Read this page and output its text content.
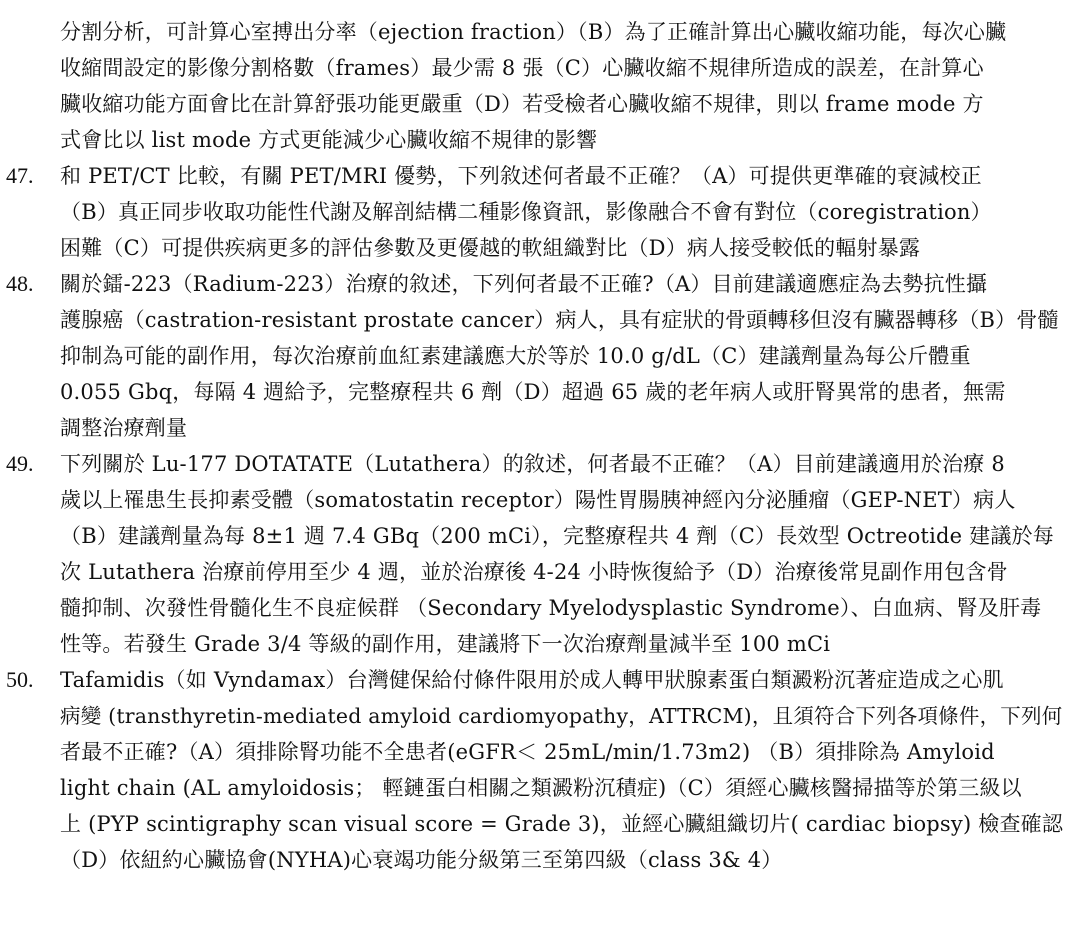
分割分析，可計算心室搏出分率（ejection fraction）（B）為了正確計算出心臟收縮功能，每次心臟
收縮間設定的影像分割格數（frames）最少需 8 張（C）心臟收縮不規律所造成的誤差，在計算心
臟收縮功能方面會比在計算舒張功能更嚴重（D）若受檢者心臟收縮不規律，則以 frame mode 方
式會比以 list mode 方式更能減少心臟收縮不規律的影響
47.	和 PET/CT 比較，有關 PET/MRI 優勢，下列敘述何者最不正確？（A）可提供更準確的衰減校正
（B）真正同步收取功能性代謝及解剖結構二種影像資訊，影像融合不會有對位（coregistration）
困難（C）可提供疾病更多的評估參數及更優越的軟組織對比（D）病人接受較低的輻射暴露
48.	關於鐳-223（Radium-223）治療的敘述，下列何者最不正確?（A）目前建議適應症為去勢抗性攝
護腺癌（castration-resistant prostate cancer）病人，具有症狀的骨頭轉移但沒有臟器轉移（B）骨髓
抑制為可能的副作用，每次治療前血紅素建議應大於等於 10.0 g/dL（C）建議劑量為每公斤體重
0.055 Gbq，每隔 4 週給予，完整療程共 6 劑（D）超過 65 歲的老年病人或肝腎異常的患者，無需
調整治療劑量
49.	下列關於 Lu-177 DOTATATE（Lutathera）的敘述，何者最不正確？（A）目前建議適用於治療 8
歲以上罹患生長抑素受體（somatostatin receptor）陽性胃腸胰神經內分泌腫瘤（GEP-NET）病人
（B）建議劑量為每 8±1 週 7.4 GBq（200 mCi），完整療程共 4 劑（C）長效型 Octreotide 建議於每
次 Lutathera 治療前停用至少 4 週，並於治療後 4-24 小時恢復給予（D）治療後常見副作用包含骨
髓抑制、次發性骨髓化生不良症候群 （Secondary Myelodysplastic Syndrome）、白血病、腎及肝毒
性等。若發生 Grade 3/4 等級的副作用，建議將下一次治療劑量減半至 100 mCi
50.	Tafamidis（如 Vyndamax）台灣健保給付條件限用於成人轉甲狀腺素蛋白類澱粉沉著症造成之心肌
病變 (transthyretin-mediated amyloid cardiomyopathy，ATTRCM)，且須符合下列各項條件，下列何
者最不正確?（A）須排除腎功能不全患者(eGFR＜ 25mL/min/1.73m2) （B）須排除為 Amyloid
light chain (AL amyloidosis； 輕鏈蛋白相關之類澱粉沉積症)（C）須經心臟核醫掃描等於第三級以
上 (PYP scintigraphy scan visual score = Grade 3)，並經心臟組織切片( cardiac biopsy) 檢查確認
（D）依紐約心臟協會(NYHA)心衰竭功能分級第三至第四級（class 3& 4）
